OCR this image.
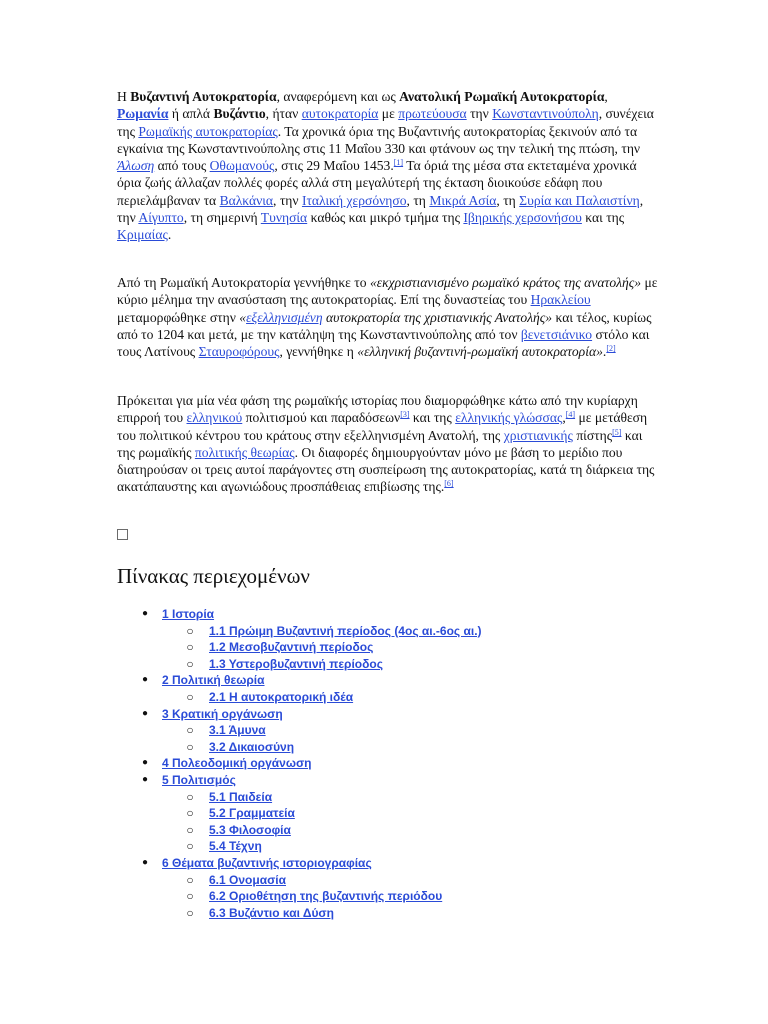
Η Βυζαντινή Αυτοκρατορία, αναφερόμενη και ως Ανατολική Ρωμαϊκή Αυτοκρατορία, Ρωμανία ή απλά Βυζάντιο, ήταν αυτοκρατορία με πρωτεύουσα την Κωνσταντινούπολη, συνέχεια της Ρωμαϊκής αυτοκρατορίας. Τα χρονικά όρια της Βυζαντινής αυτοκρατορίας ξεκινούν από τα εγκαίνια της Κωνσταντινούπολης στις 11 Μαΐου 330 και φτάνουν ως την τελική της πτώση, την Άλωση από τους Οθωμανούς, στις 29 Μαΐου 1453.[1] Τα όριά της μέσα στα εκτεταμένα χρονικά όρια ζωής άλλαζαν πολλές φορές αλλά στη μεγαλύτερή της έκταση διοικούσε εδάφη που περιελάμβαναν τα Βαλκάνια, την Ιταλική χερσόνησο, τη Μικρά Ασία, τη Συρία και Παλαιστίνη, την Αίγυπτο, τη σημερινή Τυνησία καθώς και μικρό τμήμα της Ιβηρικής χερσονήσου και της Κριμαίας.

Από τη Ρωμαϊκή Αυτοκρατορία γεννήθηκε το «εκχριστιανισμένο ρωμαϊκό κράτος της ανατολής» με κύριο μέλημα την ανασύσταση της αυτοκρατορίας. Επί της δυναστείας του Ηρακλείου μεταμορφώθηκε στην «εξελληνισμένη αυτοκρατορία της χριστιανικής Ανατολής» και τέλος, κυρίως από το 1204 και μετά, με την κατάληψη της Κωνσταντινούπολης από τον βενετσιάνικο στόλο και τους Λατίνους Σταυροφόρους, γεννήθηκε η «ελληνική βυζαντινή-ρωμαϊκή αυτοκρατορία».[2]

Πρόκειται για μία νέα φάση της ρωμαϊκής ιστορίας που διαμορφώθηκε κάτω από την κυρίαρχη επιρροή του ελληνικού πολιτισμού και παραδόσεων[3] και της ελληνικής γλώσσας,[4] με μετάθεση του πολιτικού κέντρου του κράτους στην εξελληνισμένη Ανατολή, της χριστιανικής πίστης[5] και της ρωμαϊκής πολιτικής θεωρίας. Οι διαφορές δημιουργούνταν μόνο με βάση το μερίδιο που διατηρούσαν οι τρεις αυτοί παράγοντες στη συσπείρωση της αυτοκρατορίας, κατά τη διάρκεια της ακατάπαυστης και αγωνιώδους προσπάθειας επιβίωσης της.[6]

Πίνακας περιεχομένων
●	1 Ιστορία
○ 1.1 Πρώιμη Βυζαντινή περίοδος (4ος αι.-6ος αι.)
○ 1.2 Μεσοβυζαντινή περίοδος
○ 1.3 Υστεροβυζαντινή περίοδος
●	2 Πολιτική θεωρία
○ 2.1 Η αυτοκρατορική ιδέα
●	3 Κρατική οργάνωση
○ 3.1 Άμυνα
○ 3.2 Δικαιοσύνη
●	4 Πολεοδομική οργάνωση
●	5 Πολιτισμός
○ 5.1 Παιδεία
○ 5.2 Γραμματεία
○ 5.3 Φιλοσοφία
○ 5.4 Τέχνη
●	6 Θέματα βυζαντινής ιστοριογραφίας
○ 6.1 Ονομασία
○ 6.2 Οριοθέτηση της βυζαντινής περιόδου
○ 6.3 Βυζάντιο και Δύση
